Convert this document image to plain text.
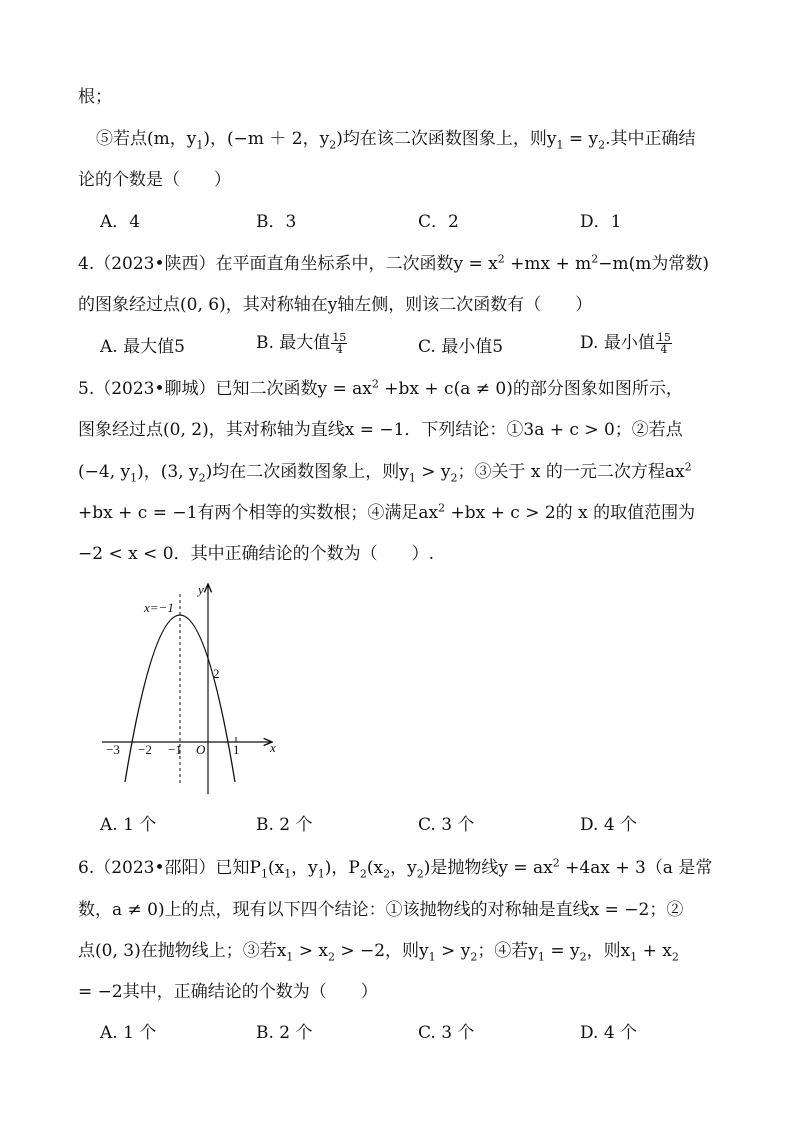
根；
⑤若点(m，$y_1$)，(−m ＋ 2，$y_2$)均在该二次函数图象上，则$y_1 = y_2$.其中正确结
论的个数是（　　）
A．4	B．3	C．2	D．1
4.（2023•陕西）在平面直角坐标系中，二次函数$y = x^2 +mx + m^2-m(m$为常数)
的图象经过点(0, 6)，其对称轴在y轴左侧，则该二次函数有（　　）
A. 最大值5	B. 最大值 $\frac{15}{4}$	C. 最小值5	D. 最小值 $\frac{15}{4}$
5.（2023•聊城）已知二次函数$y = ax^2 +bx + c(a \ne 0)$的部分图象如图所示，
图象经过点(0, 2)，其对称轴为直线x = −1．下列结论：①3a + c > 0；②若点
(−4, $y_1$)，(3, $y_2$)均在二次函数图象上，则$y_1 > y_2$；③关于 x 的一元二次方程$ax^2$
+bx + c = −1有两个相等的实数根；④满足$ax^2 +bx + c > 2$的 x 的取值范围为
−2 < x < 0．其中正确结论的个数为（　　）.
y
x
O
x=−1
2
−3 −2 −1	1
A. 1 个	B. 2 个	C. 3 个	D. 4 个
6.（2023•邵阳）已知$P_1(x_1$，$y_1$)，$P_2(x_2$，$y_2$)是抛物线$y = ax^2 +4ax + 3(a$ 是常
数，a ≠ 0)上的点，现有以下四个结论：①该抛物线的对称轴是直线x = −2；②
点(0, 3)在抛物线上；③若$x_1 > x_2 > -2$，则$y_1 > y_2$；④若$y_1 = y_2$，则$x_1 + x_2$
= −2其中，正确结论的个数为（　　）
A. 1 个	B. 2 个	C. 3 个	D. 4 个
